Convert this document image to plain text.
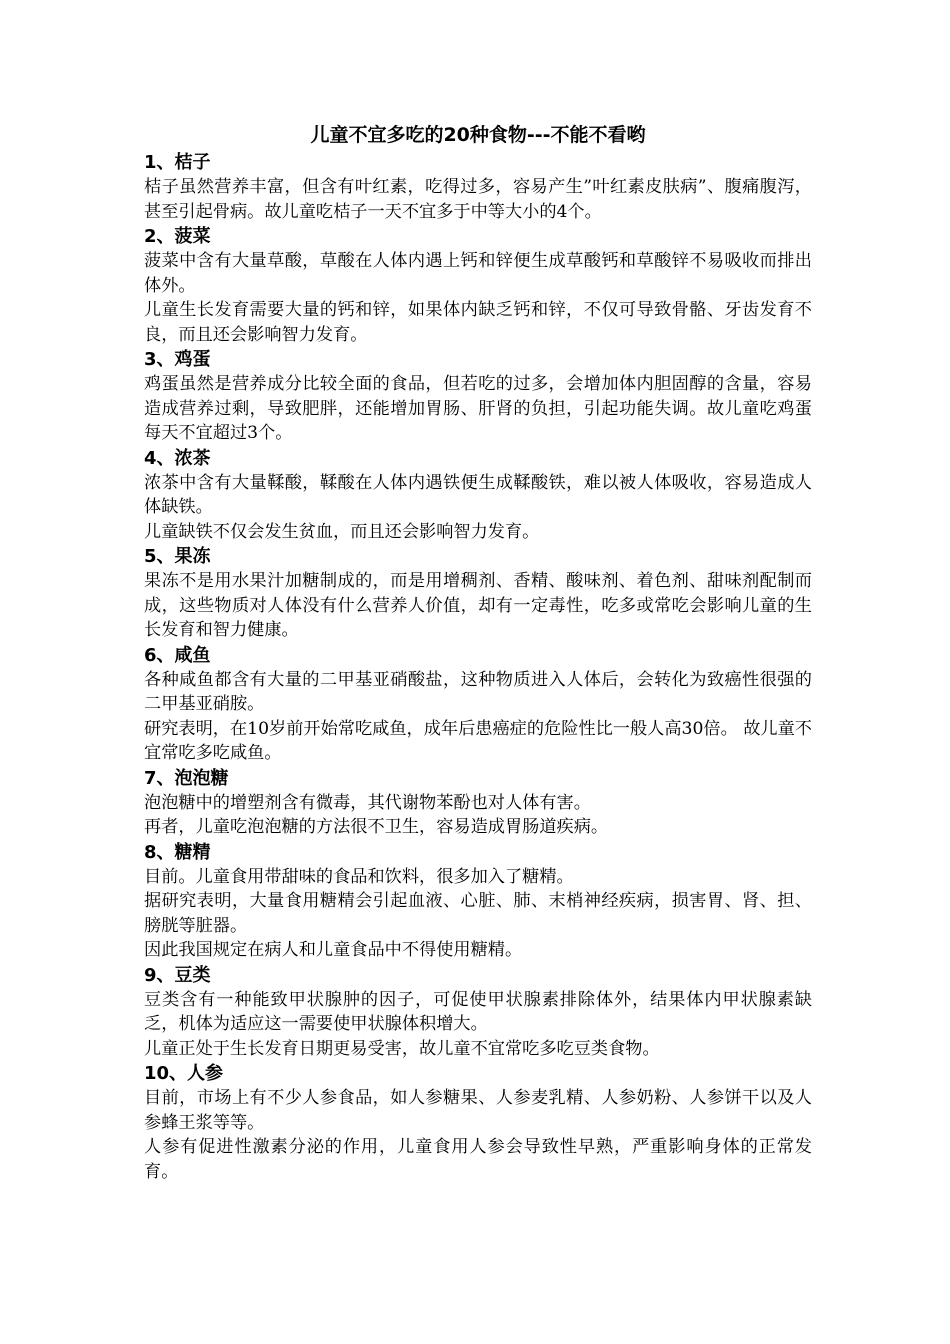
儿童不宜多吃的20种食物---不能不看哟
1、桔子

桔子虽然营养丰富，但含有叶红素，吃得过多，容易产生”叶红素皮肤病”、腹痛腹泻，甚至引起骨病。故儿童吃桔子一天不宜多于中等大小的4个。

2、菠菜

菠菜中含有大量草酸，草酸在人体内遇上钙和锌便生成草酸钙和草酸锌不易吸收而排出体外。

儿童生长发育需要大量的钙和锌，如果体内缺乏钙和锌，不仅可导致骨骼、牙齿发育不良，而且还会影响智力发育。

3、鸡蛋

鸡蛋虽然是营养成分比较全面的食品，但若吃的过多，会增加体内胆固醇的含量，容易造成营养过剩，导致肥胖，还能增加胃肠、肝肾的负担，引起功能失调。故儿童吃鸡蛋每天不宜超过3个。

4、浓茶

浓茶中含有大量鞣酸，鞣酸在人体内遇铁便生成鞣酸铁，难以被人体吸收，容易造成人体缺铁。

儿童缺铁不仅会发生贫血，而且还会影响智力发育。

5、果冻

果冻不是用水果汁加糖制成的，而是用增稠剂、香精、酸味剂、着色剂、甜味剂配制而成，这些物质对人体没有什么营养人价值，却有一定毒性，吃多或常吃会影响儿童的生长发育和智力健康。

6、咸鱼

各种咸鱼都含有大量的二甲基亚硝酸盐，这种物质进入人体后，会转化为致癌性很强的二甲基亚硝胺。

研究表明，在10岁前开始常吃咸鱼，成年后患癌症的危险性比一般人高30倍。 故儿童不宜常吃多吃咸鱼。

7、泡泡糖

泡泡糖中的增塑剂含有微毒，其代谢物苯酚也对人体有害。

再者，儿童吃泡泡糖的方法很不卫生，容易造成胃肠道疾病。

8、糖精

目前。儿童食用带甜味的食品和饮料，很多加入了糖精。

据研究表明，大量食用糖精会引起血液、心脏、肺、末梢神经疾病，损害胃、肾、担、膀胱等脏器。

因此我国规定在病人和儿童食品中不得使用糖精。

9、豆类

豆类含有一种能致甲状腺肿的因子，可促使甲状腺素排除体外，结果体内甲状腺素缺乏，机体为适应这一需要使甲状腺体积增大。

儿童正处于生长发育日期更易受害，故儿童不宜常吃多吃豆类食物。

10、人参

目前，市场上有不少人参食品，如人参糖果、人参麦乳精、人参奶粉、人参饼干以及人参蜂王浆等等。

人参有促进性激素分泌的作用，儿童食用人参会导致性早熟，严重影响身体的正常发育。
